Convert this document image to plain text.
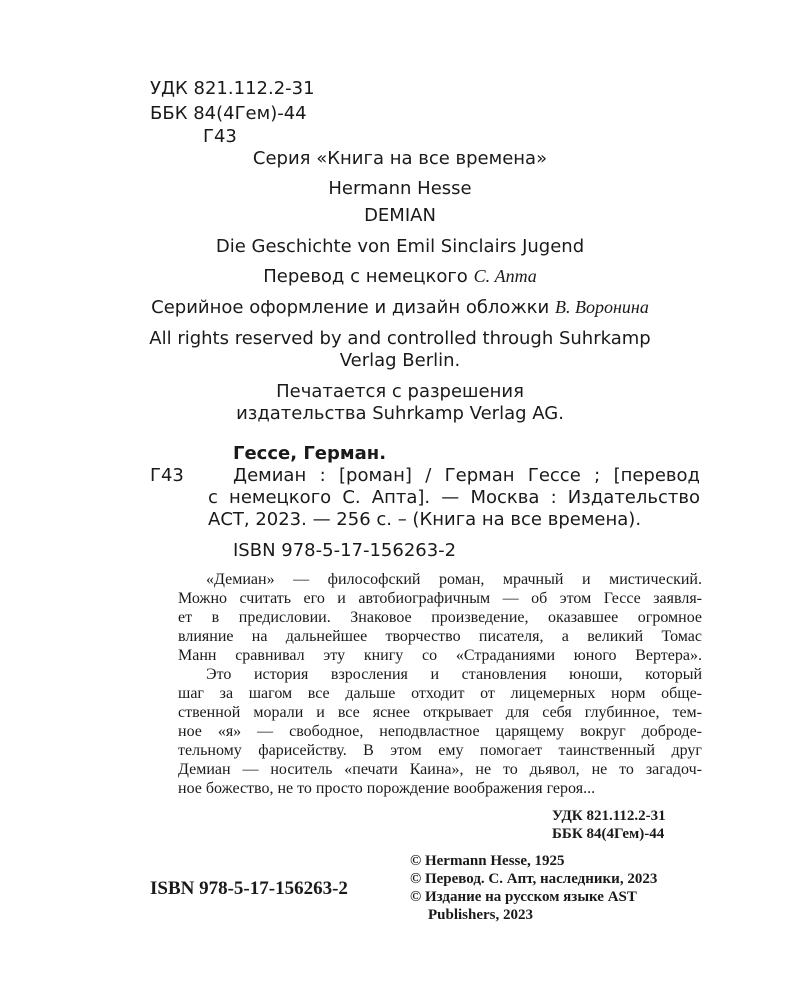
УДК 821.112.2-31
ББК 84(4Гем)-44
Г43
Серия «Книга на все времена»
Hermann Hesse
DEMIAN
Die Geschichte von Emil Sinclairs Jugend
Перевод с немецкого С. Апта
Серийное оформление и дизайн обложки В. Воронина
All rights reserved by and controlled through Suhrkamp
Verlag Berlin.
Печатается с разрешения
издательства Suhrkamp Verlag AG.
Гессе, Герман.
Г43	Демиан : [роман] / Герман Гессе ; [перевод
с немецкого С. Апта]. — Москва : Издательство
АСТ, 2023. — 256 с. – (Книга на все времена).
ISBN 978-5-17-156263-2
«Демиан» — философский роман, мрачный и мистический.
Можно считать его и автобиографичным — об этом Гессе заявля-
ет в предисловии. Знаковое произведение, оказавшее огромное
влияние на дальнейшее творчество писателя, а великий Томас
Манн сравнивал эту книгу со «Страданиями юного Вертера».
Это история взросления и становления юноши, который
шаг за шагом все дальше отходит от лицемерных норм обще-
ственной морали и все яснее открывает для себя глубинное, тем-
ное «я» — свободное, неподвластное царящему вокруг доброде-
тельному фарисейству. В этом ему помогает таинственный друг
Демиан — носитель «печати Каина», не то дьявол, не то загадоч-
ное божество, не то просто порождение воображения героя...
УДК 821.112.2-31
ББК 84(4Гем)-44
© Hermann Hesse, 1925
© Перевод. С. Апт, наследники, 2023
© Издание на русском языке AST
Publishers, 2023
ISBN 978-5-17-156263-2
